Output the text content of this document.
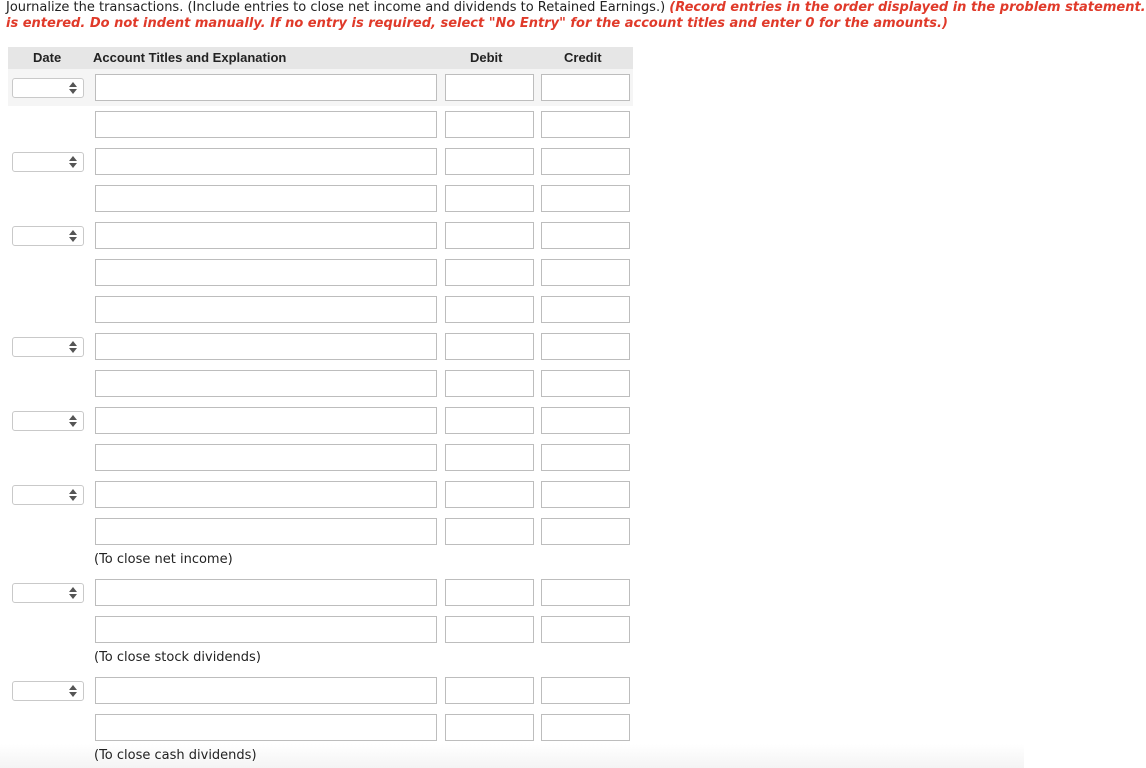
Journalize the transactions. (Include entries to close net income and dividends to Retained Earnings.) (Record entries in the order displayed in the problem statement.
is entered. Do not indent manually. If no entry is required, select "No Entry" for the account titles and enter 0 for the amounts.)
Date Account Titles and Explanation	Debit	Credit
(To close net income)
(To close stock dividends)
(To close cash dividends)
